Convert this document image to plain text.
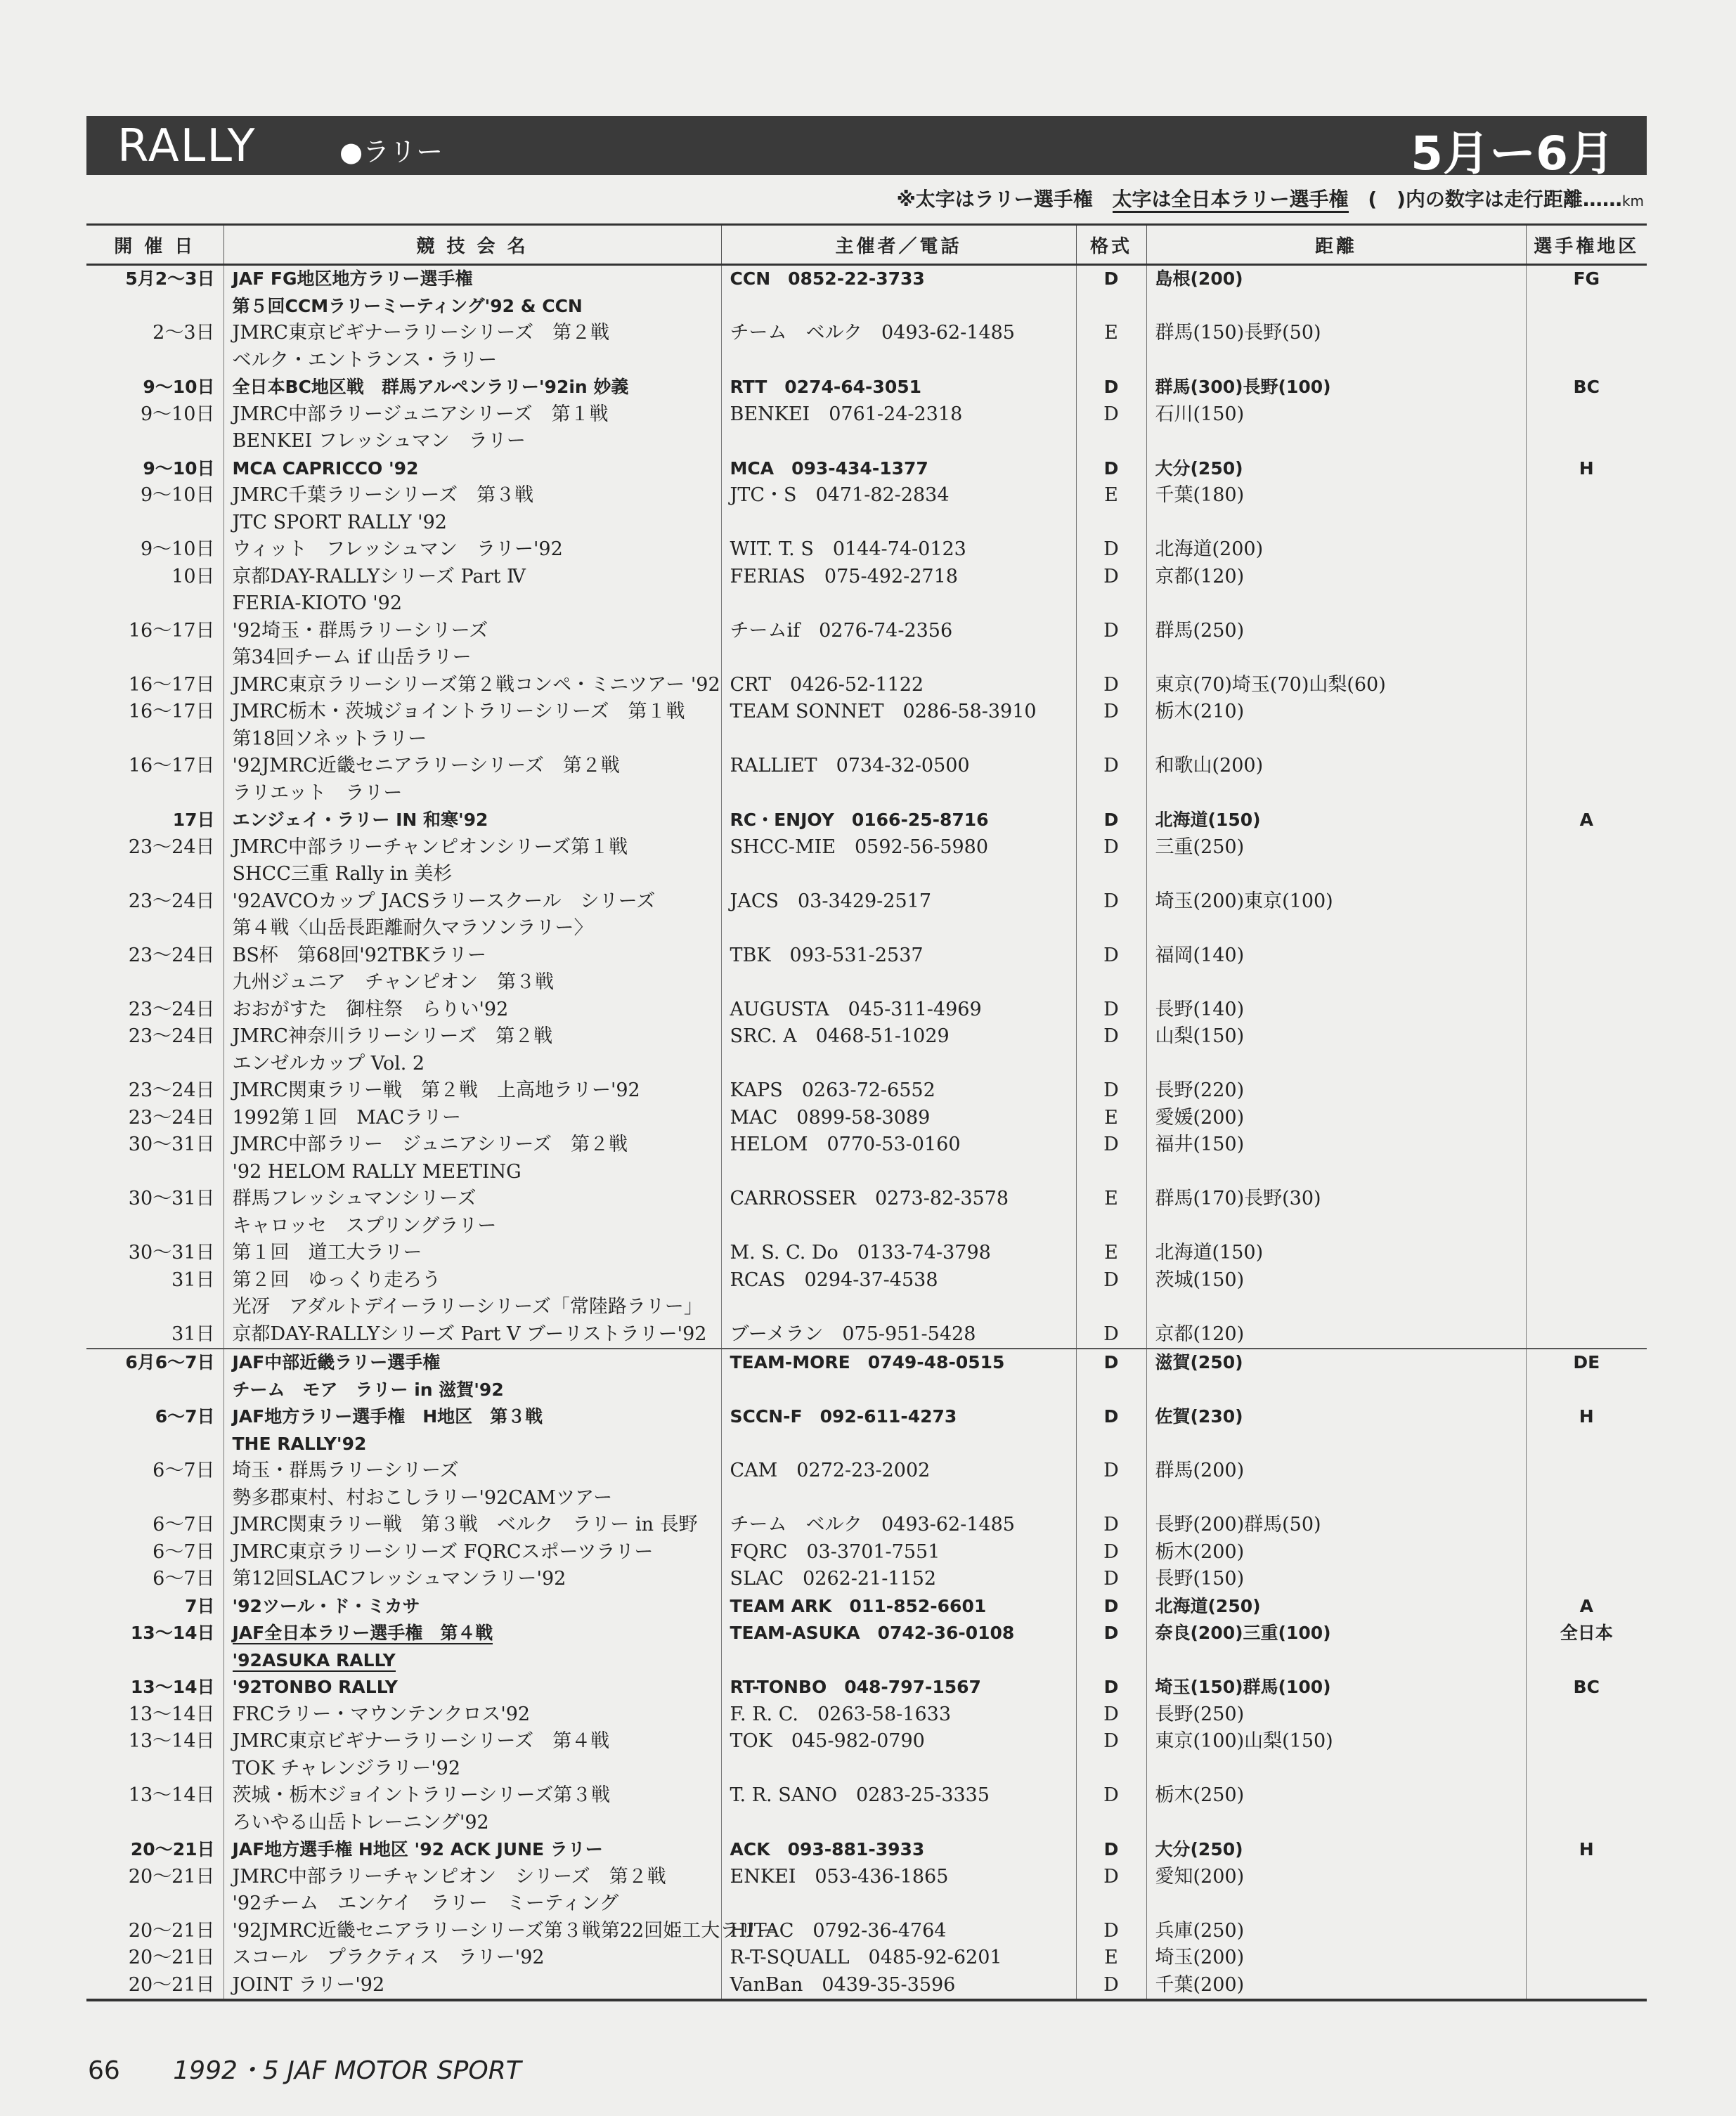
RALLY	●ラリー	5月ー6月
※太字はラリー選手権 太字は全日本ラリー選手権 (　)内の数字は走行距離……km
開 催 日	競 技 会 名	主催者／電話	格式	距離	選手権地区
5月2〜3日	JAF FG地区地方ラリー選手権	CCN　0852-22-3733	D	島根(200)	FG
	第５回CCMラリーミーティング'92 & CCN				
2〜3日	JMRC東京ビギナーラリーシリーズ　第２戦	チーム　ベルク　0493-62-1485	E	群馬(150)長野(50)	
	ベルク・エントランス・ラリー				
9〜10日	全日本BC地区戦　群馬アルペンラリー'92in 妙義	RTT　0274-64-3051	D	群馬(300)長野(100)	BC
9〜10日	JMRC中部ラリージュニアシリーズ　第１戦	BENKEI　0761-24-2318	D	石川(150)	
	BENKEI フレッシュマン　ラリー				
9〜10日	MCA CAPRICCO '92	MCA　093-434-1377	D	大分(250)	H
9〜10日	JMRC千葉ラリーシリーズ　第３戦	JTC・S　0471-82-2834	E	千葉(180)	
	JTC SPORT RALLY '92				
9〜10日	ウィット　フレッシュマン　ラリー'92	WIT. T. S　0144-74-0123	D	北海道(200)	
10日	京都DAY-RALLYシリーズ Part Ⅳ	FERIAS　075-492-2718	D	京都(120)	
	FERIA-KIOTO '92				
16〜17日	'92埼玉・群馬ラリーシリーズ	チームif　0276-74-2356	D	群馬(250)	
	第34回チーム if 山岳ラリー				
16〜17日	JMRC東京ラリーシリーズ第２戦コンペ・ミニツアー '92	CRT　0426-52-1122	D	東京(70)埼玉(70)山梨(60)	
16〜17日	JMRC栃木・茨城ジョイントラリーシリーズ　第１戦	TEAM SONNET　0286-58-3910	D	栃木(210)	
	第18回ソネットラリー				
16〜17日	'92JMRC近畿セニアラリーシリーズ　第２戦	RALLIET　0734-32-0500	D	和歌山(200)	
	ラリエット　ラリー				
17日	エンジェイ・ラリー IN 和寒'92	RC・ENJOY　0166-25-8716	D	北海道(150)	A
23〜24日	JMRC中部ラリーチャンピオンシリーズ第１戦	SHCC-MIE　0592-56-5980	D	三重(250)	
	SHCC三重 Rally in 美杉				
23〜24日	'92AVCOカップ JACSラリースクール　シリーズ	JACS　03-3429-2517	D	埼玉(200)東京(100)	
	第４戦〈山岳長距離耐久マラソンラリー〉				
23〜24日	BS杯　第68回'92TBKラリー	TBK　093-531-2537	D	福岡(140)	
	九州ジュニア　チャンピオン　第３戦				
23〜24日	おおがすた　御柱祭　らりい'92	AUGUSTA　045-311-4969	D	長野(140)	
23〜24日	JMRC神奈川ラリーシリーズ　第２戦	SRC. A　0468-51-1029	D	山梨(150)	
	エンゼルカップ Vol. 2				
23〜24日	JMRC関東ラリー戦　第２戦　上高地ラリー'92	KAPS　0263-72-6552	D	長野(220)	
23〜24日	1992第１回　MACラリー	MAC　0899-58-3089	E	愛媛(200)	
30〜31日	JMRC中部ラリー　ジュニアシリーズ　第２戦	HELOM　0770-53-0160	D	福井(150)	
	'92 HELOM RALLY MEETING				
30〜31日	群馬フレッシュマンシリーズ	CARROSSER　0273-82-3578	E	群馬(170)長野(30)	
	キャロッセ　スプリングラリー				
30〜31日	第１回　道工大ラリー	M. S. C. Do　0133-74-3798	E	北海道(150)	
31日	第２回　ゆっくり走ろう	RCAS　0294-37-4538	D	茨城(150)	
	光冴　アダルトデイーラリーシリーズ「常陸路ラリー」				
31日	京都DAY-RALLYシリーズ Part Ⅴ ブーリストラリー'92	ブーメラン　075-951-5428	D	京都(120)	
6月6〜7日	JAF中部近畿ラリー選手権	TEAM-MORE　0749-48-0515	D	滋賀(250)	DE
	チーム　モア　ラリー in 滋賀'92				
6〜7日	JAF地方ラリー選手権　H地区　第３戦	SCCN-F　092-611-4273	D	佐賀(230)	H
	THE RALLY'92				
6〜7日	埼玉・群馬ラリーシリーズ	CAM　0272-23-2002	D	群馬(200)	
	勢多郡東村、村おこしラリー'92CAMツアー				
6〜7日	JMRC関東ラリー戦　第３戦　ベルク　ラリー in 長野	チーム　ベルク　0493-62-1485	D	長野(200)群馬(50)	
6〜7日	JMRC東京ラリーシリーズ FQRCスポーツラリー	FQRC　03-3701-7551	D	栃木(200)	
6〜7日	第12回SLACフレッシュマンラリー'92	SLAC　0262-21-1152	D	長野(150)	
7日	'92ツール・ド・ミカサ	TEAM ARK　011-852-6601	D	北海道(250)	A
13〜14日	JAF全日本ラリー選手権　第４戦	TEAM-ASUKA　0742-36-0108	D	奈良(200)三重(100)	全日本
	'92ASUKA RALLY				
13〜14日	'92TONBO RALLY	RT-TONBO　048-797-1567	D	埼玉(150)群馬(100)	BC
13〜14日	FRCラリー・マウンテンクロス'92	F. R. C.　0263-58-1633	D	長野(250)	
13〜14日	JMRC東京ビギナーラリーシリーズ　第４戦	TOK　045-982-0790	D	東京(100)山梨(150)	
	TOK チャレンジラリー'92				
13〜14日	茨城・栃木ジョイントラリーシリーズ第３戦	T. R. SANO　0283-25-3335	D	栃木(250)	
	ろいやる山岳トレーニング'92				
20〜21日	JAF地方選手権 H地区 '92 ACK JUNE ラリー	ACK　093-881-3933	D	大分(250)	H
20〜21日	JMRC中部ラリーチャンピオン　シリーズ　第２戦	ENKEI　053-436-1865	D	愛知(200)	
	'92チーム　エンケイ　ラリー　ミーティング				
20〜21日	'92JMRC近畿セニアラリーシリーズ第３戦第22回姫工大ラリー	HITAC　0792-36-4764	D	兵庫(250)	
20〜21日	スコール　プラクティス　ラリー'92	R-T-SQUALL　0485-92-6201	E	埼玉(200)	
20〜21日	JOINT ラリー'92	VanBan　0439-35-3596	D	千葉(200)	
66 1992・5 JAF MOTOR SPORT
